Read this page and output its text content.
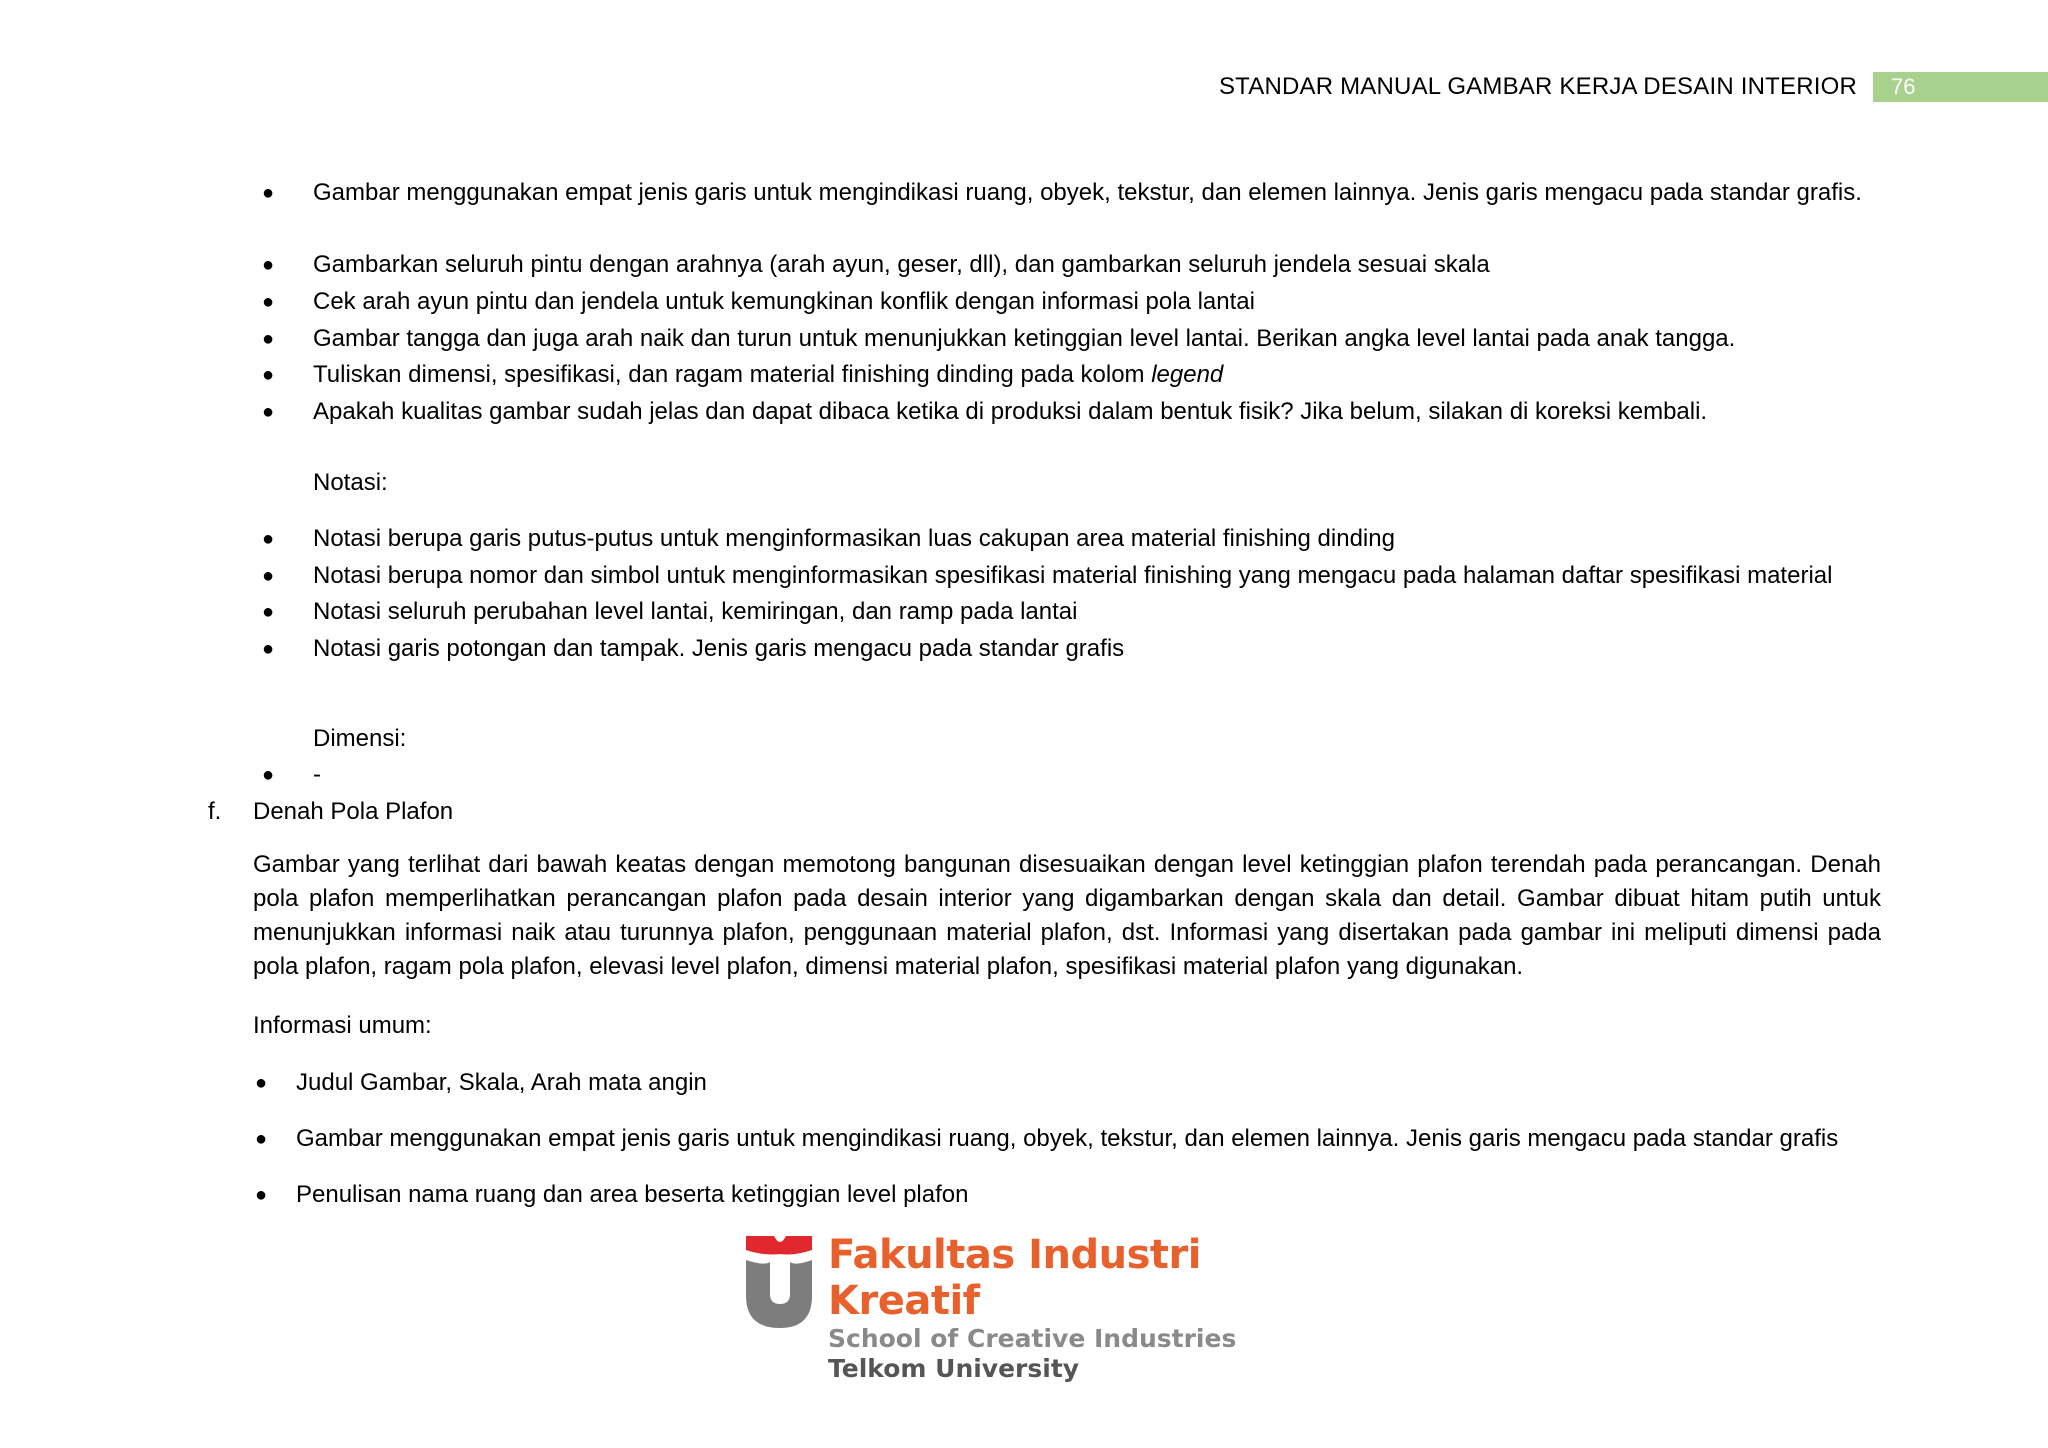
STANDAR MANUAL GAMBAR KERJA DESAIN INTERIOR	76
● Gambar menggunakan empat jenis garis untuk mengindikasi ruang, obyek, tekstur, dan elemen lainnya. Jenis garis mengacu pada standar grafis.
● Gambarkan seluruh pintu dengan arahnya (arah ayun, geser, dll), dan gambarkan seluruh jendela sesuai skala
● Cek arah ayun pintu dan jendela untuk kemungkinan konflik dengan informasi pola lantai
● Gambar tangga dan juga arah naik dan turun untuk menunjukkan ketinggian level lantai. Berikan angka level lantai pada anak tangga.
● Tuliskan dimensi, spesifikasi, dan ragam material finishing dinding pada kolom legend
● Apakah kualitas gambar sudah jelas dan dapat dibaca ketika di produksi dalam bentuk fisik? Jika belum, silakan di koreksi kembali.
Notasi:
● Notasi berupa garis putus-putus untuk menginformasikan luas cakupan area material finishing dinding
● Notasi berupa nomor dan simbol untuk menginformasikan spesifikasi material finishing yang mengacu pada halaman daftar spesifikasi material
● Notasi seluruh perubahan level lantai, kemiringan, dan ramp pada lantai
● Notasi garis potongan dan tampak. Jenis garis mengacu pada standar grafis
Dimensi:
● -
f. Denah Pola Plafon
Gambar yang terlihat dari bawah keatas dengan memotong bangunan disesuaikan dengan level ketinggian plafon terendah pada perancangan. Denah pola plafon memperlihatkan perancangan plafon pada desain interior yang digambarkan dengan skala dan detail. Gambar dibuat hitam putih untuk menunjukkan informasi naik atau turunnya plafon, penggunaan material plafon, dst. Informasi yang disertakan pada gambar ini meliputi dimensi pada pola plafon, ragam pola plafon, elevasi level plafon, dimensi material plafon, spesifikasi material plafon yang digunakan.
Informasi umum:
● Judul Gambar, Skala, Arah mata angin
● Gambar menggunakan empat jenis garis untuk mengindikasi ruang, obyek, tekstur, dan elemen lainnya. Jenis garis mengacu pada standar grafis
● Penulisan nama ruang dan area beserta ketinggian level plafon
Fakultas Industri Kreatif
School of Creative Industries
Telkom University
